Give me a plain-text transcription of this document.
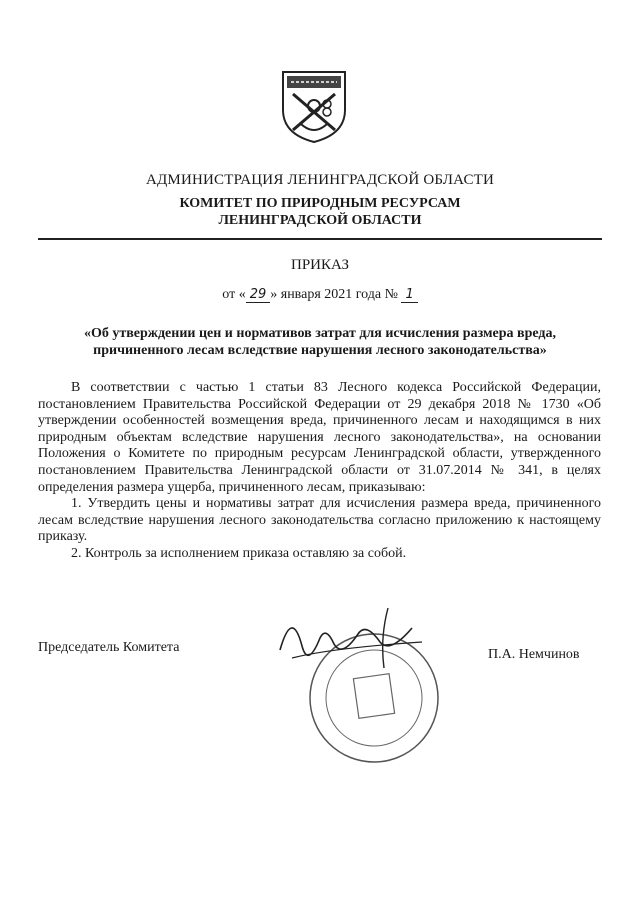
АДМИНИСТРАЦИЯ ЛЕНИНГРАДСКОЙ ОБЛАСТИ
КОМИТЕТ ПО ПРИРОДНЫМ РЕСУРСАМ
ЛЕНИНГРАДСКОЙ ОБЛАСТИ
ПРИКАЗ
от « 29 » января 2021 года № 1
«Об утверждении цен и нормативов затрат для исчисления размера вреда,
причиненного лесам вследствие нарушения лесного законодательства»

В соответствии с частью 1 статьи 83 Лесного кодекса Российской Федерации, постановлением Правительства Российской Федерации от 29 декабря 2018 № 1730 «Об утверждении особенностей возмещения вреда, причиненного лесам и находящимся в них природным объектам вследствие нарушения лесного законодательства», на основании Положения о Комитете по природным ресурсам Ленинградской области, утвержденного постановлением Правительства Ленинградской области от 31.07.2014 № 341, в целях определения размера ущерба, причиненного лесам, приказываю:

1. Утвердить цены и нормативы затрат для исчисления размера вреда, причиненного лесам вследствие нарушения лесного законодательства согласно приложению к настоящему приказу.

2. Контроль за исполнением приказа оставляю за собой.

Председатель Комитета	П.А. Немчинов
